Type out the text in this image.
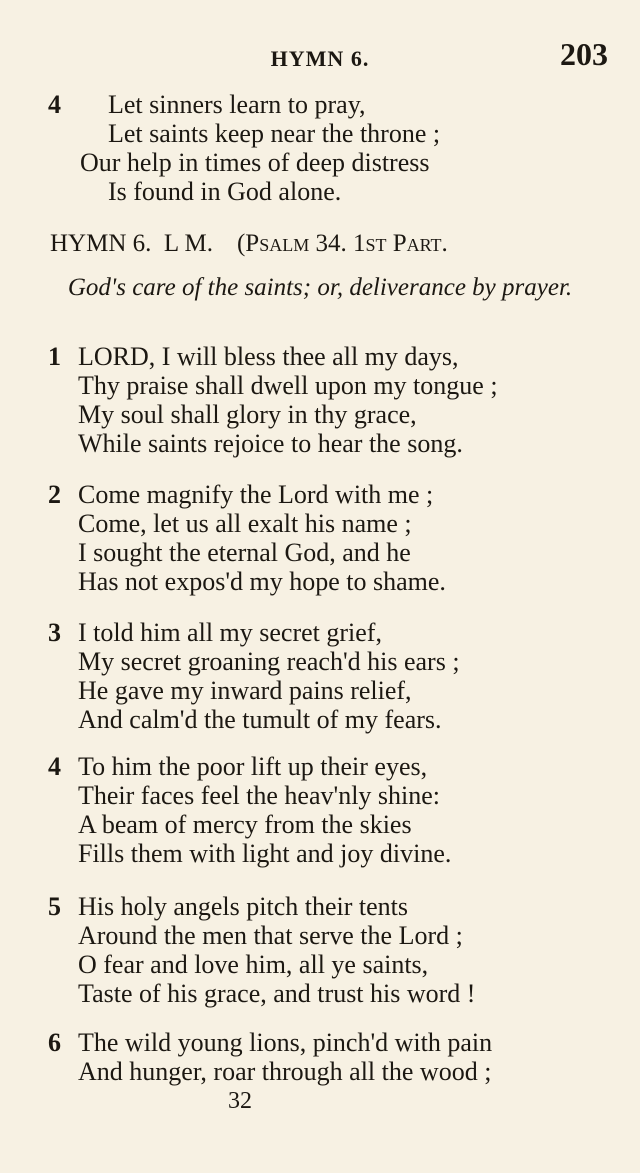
HYMN 6.	203
4 Let sinners learn to pray,
Let saints keep near the throne ;
Our help in times of deep distress
Is found in God alone.
HYMN 6.  L M. (Psalm 34. 1st Part.
God's care of the saints; or, deliverance by prayer.
1 LORD, I will bless thee all my days,
Thy praise shall dwell upon my tongue ;
My soul shall glory in thy grace,
While saints rejoice to hear the song.
2 Come magnify the Lord with me ;
Come, let us all exalt his name ;
I sought the eternal God, and he
Has not expos'd my hope to shame.
3 I told him all my secret grief,
My secret groaning reach'd his ears ;
He gave my inward pains relief,
And calm'd the tumult of my fears.
4 To him the poor lift up their eyes,
Their faces feel the heav'nly shine:
A beam of mercy from the skies
Fills them with light and joy divine.
5 His holy angels pitch their tents
Around the men that serve the Lord ;
O fear and love him, all ye saints,
Taste of his grace, and trust his word !
6 The wild young lions, pinch'd with pain
And hunger, roar through all the wood ;
32
